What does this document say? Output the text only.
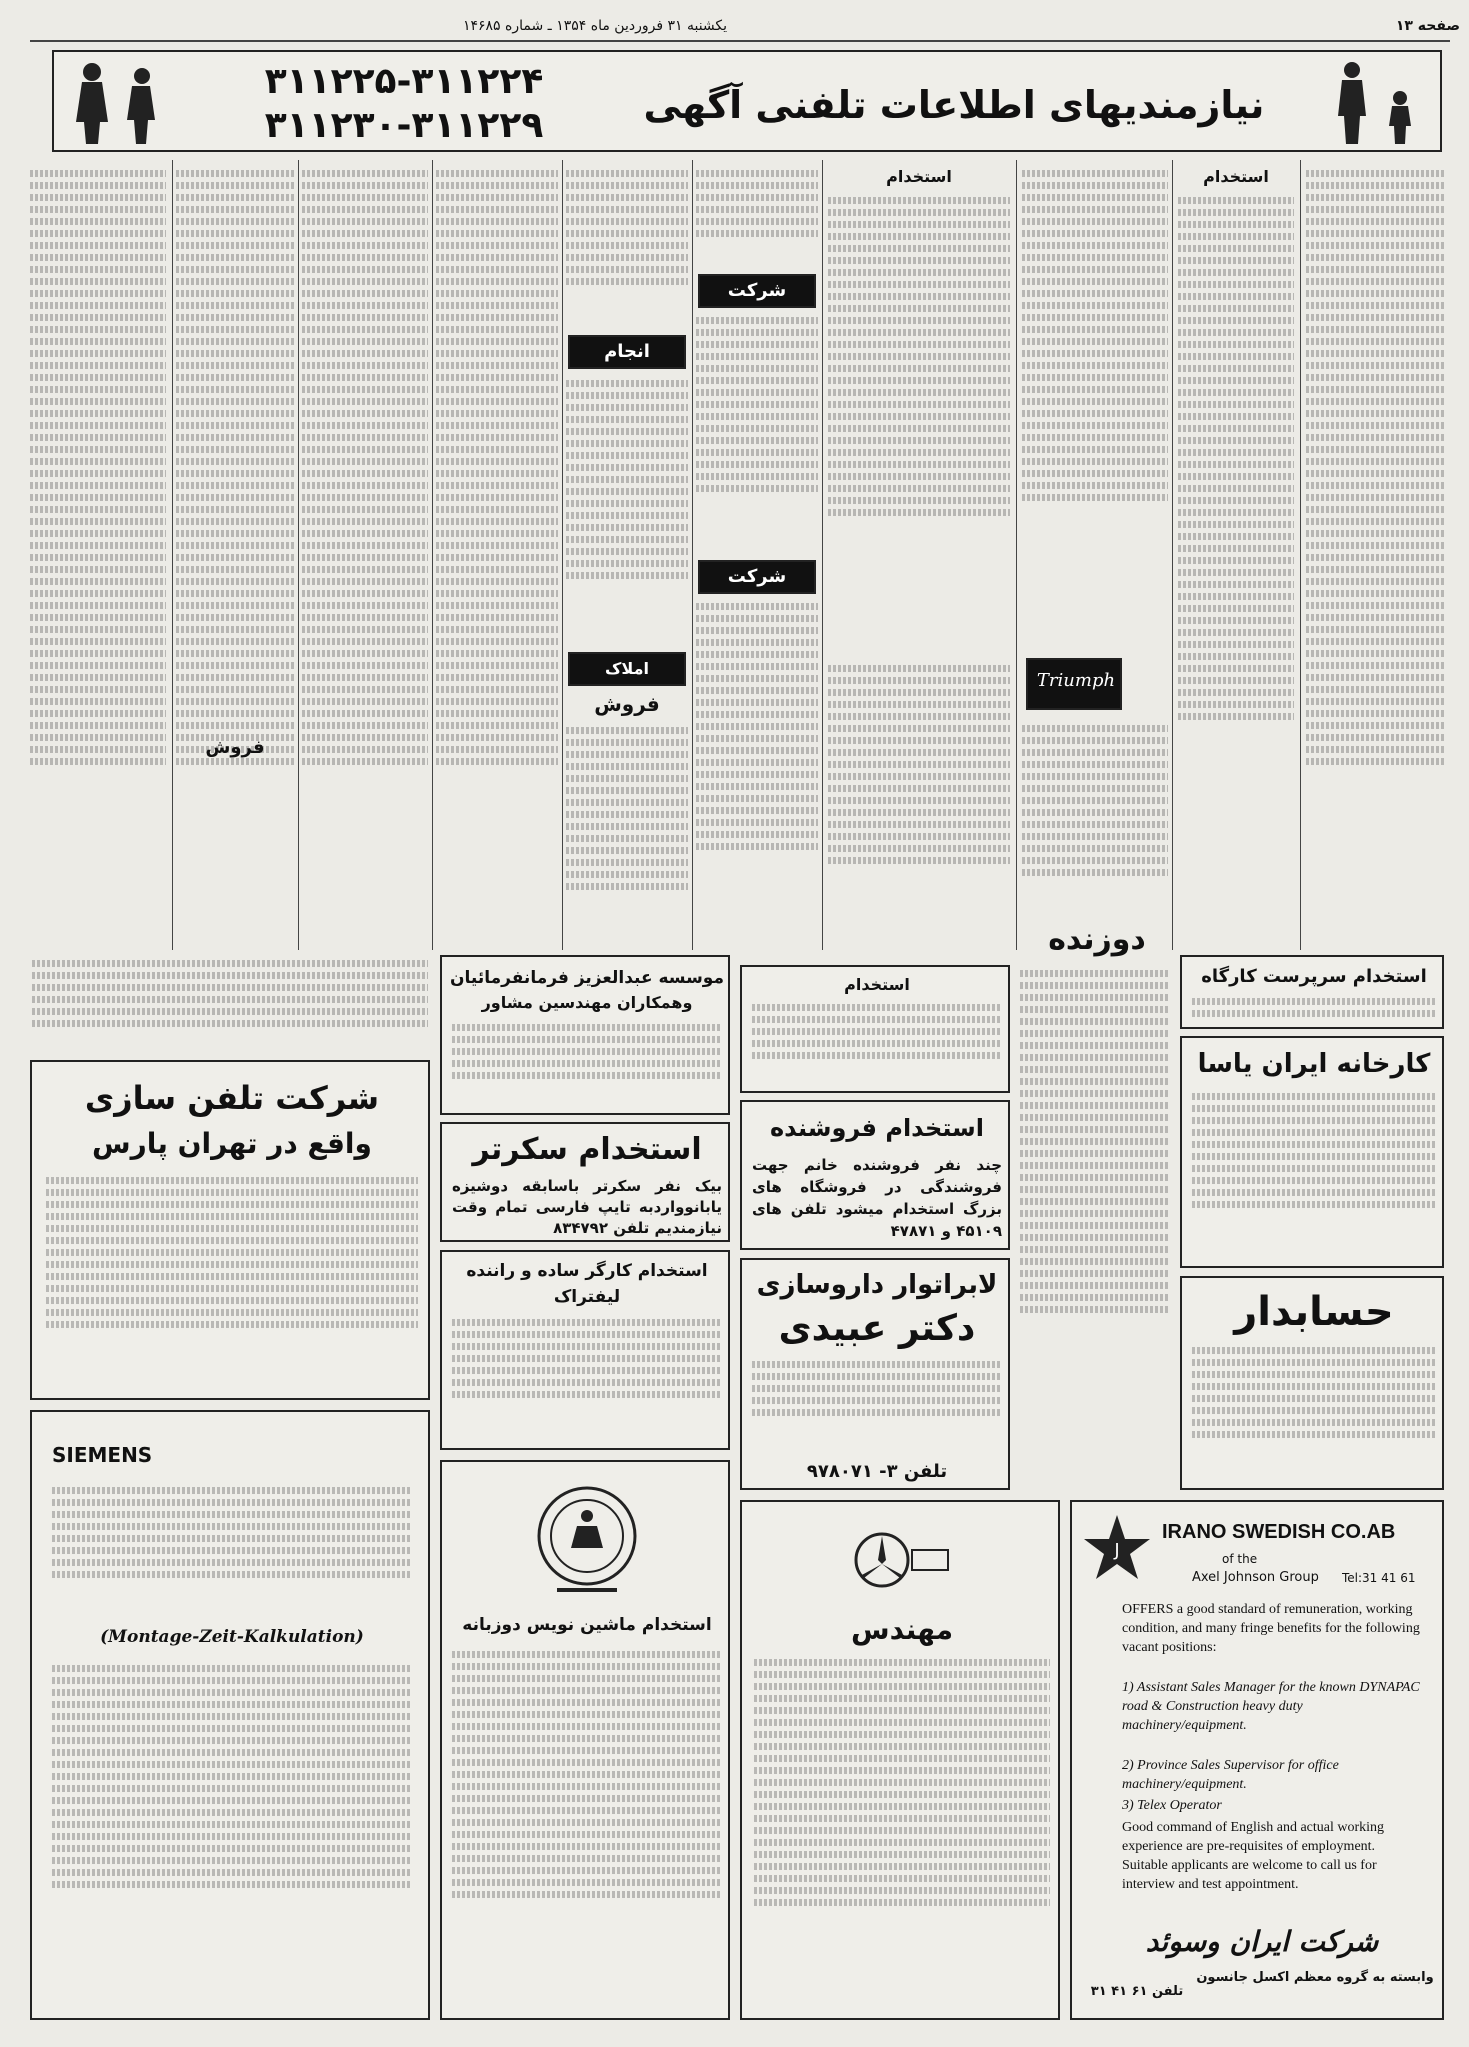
صفحه ۱۳
یکشنبه ۳۱ فروردین ماه ۱۳۵۴ ـ شماره ۱۴۶۸۵
نیازمندیهای اطلاعات تلفنی آگهی
۳۱۱۲۲۵-۳۱۱۲۲۴
۳۱۱۲۳۰-۳۱۱۲۲۹
انجام
شرکت
املاک
فروش
فروش
شرکت
استخدام
Triumph
استخدام
دوزنده
شرکت تلفن سازی
واقع در تهران پارس
موسسه عبدالعزیز فرمانفرمائیان
وهمکاران مهندسین مشاور
استخدام سکرتر
بیک نفر سکرتر باسابقه دوشیزه یابانوواردبه تایپ فارسی تمام وقت نیازمندیم تلفن ۸۳۴۷۹۲
استخدام کارگر ساده و راننده لیفتراک
استخدام
استخدام فروشنده
چند نفر فروشنده خانم جهت فروشندگی در فروشگاه های بزرگ استخدام میشود تلفن های ۴۵۱۰۹ و ۴۷۸۷۱
لابراتوار داروسازی
دکتر عبیدی
تلفن ۳- ۹۷۸۰۷۱
استخدام سرپرست کارگاه
کارخانه ایران یاسا
حسابدار
SIEMENS
(Montage-Zeit-Kalkulation)
استخدام ماشین نویس دوزبانه	مهندس
J
IRANO SWEDISH CO.AB
of the
Axel Johnson Group	Tel:31 41 61
OFFERS a good standard of remuneration, working condition, and many fringe benefits for the following vacant positions:
1) Assistant Sales Manager for the known DYNAPAC road & Construction heavy duty machinery/equipment.
2) Province Sales Supervisor for office machinery/equipment.
3) Telex Operator
Good command of English and actual working experience are pre-requisites of employment. Suitable applicants are welcome to call us for interview and test appointment.
شرکت ایران وسوئد
وابسته به گروه معظم اکسل جانسون
تلفن ۶۱ ۴۱ ۳۱
